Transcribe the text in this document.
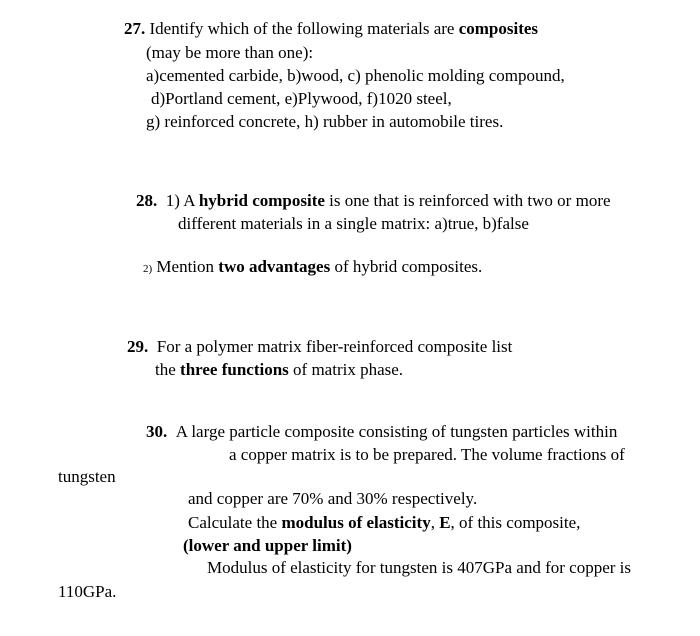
27. Identify which of the following materials are composites
(may be more than one):
a)cemented carbide, b)wood, c) phenolic molding compound,
d)Portland cement, e)Plywood, f)1020 steel,
g) reinforced concrete, h) rubber in automobile tires.
28. 1) A hybrid composite is one that is reinforced with two or more
different materials in a single matrix: a)true, b)false
2) Mention two advantages of hybrid composites.
29. For a polymer matrix fiber-reinforced composite list
the three functions of matrix phase.
30. A large particle composite consisting of tungsten particles within
a copper matrix is to be prepared. The volume fractions of
tungsten
and copper are 70% and 30% respectively.
Calculate the modulus of elasticity, E, of this composite,
(lower and upper limit)
Modulus of elasticity for tungsten is 407GPa and for copper is
110GPa.
